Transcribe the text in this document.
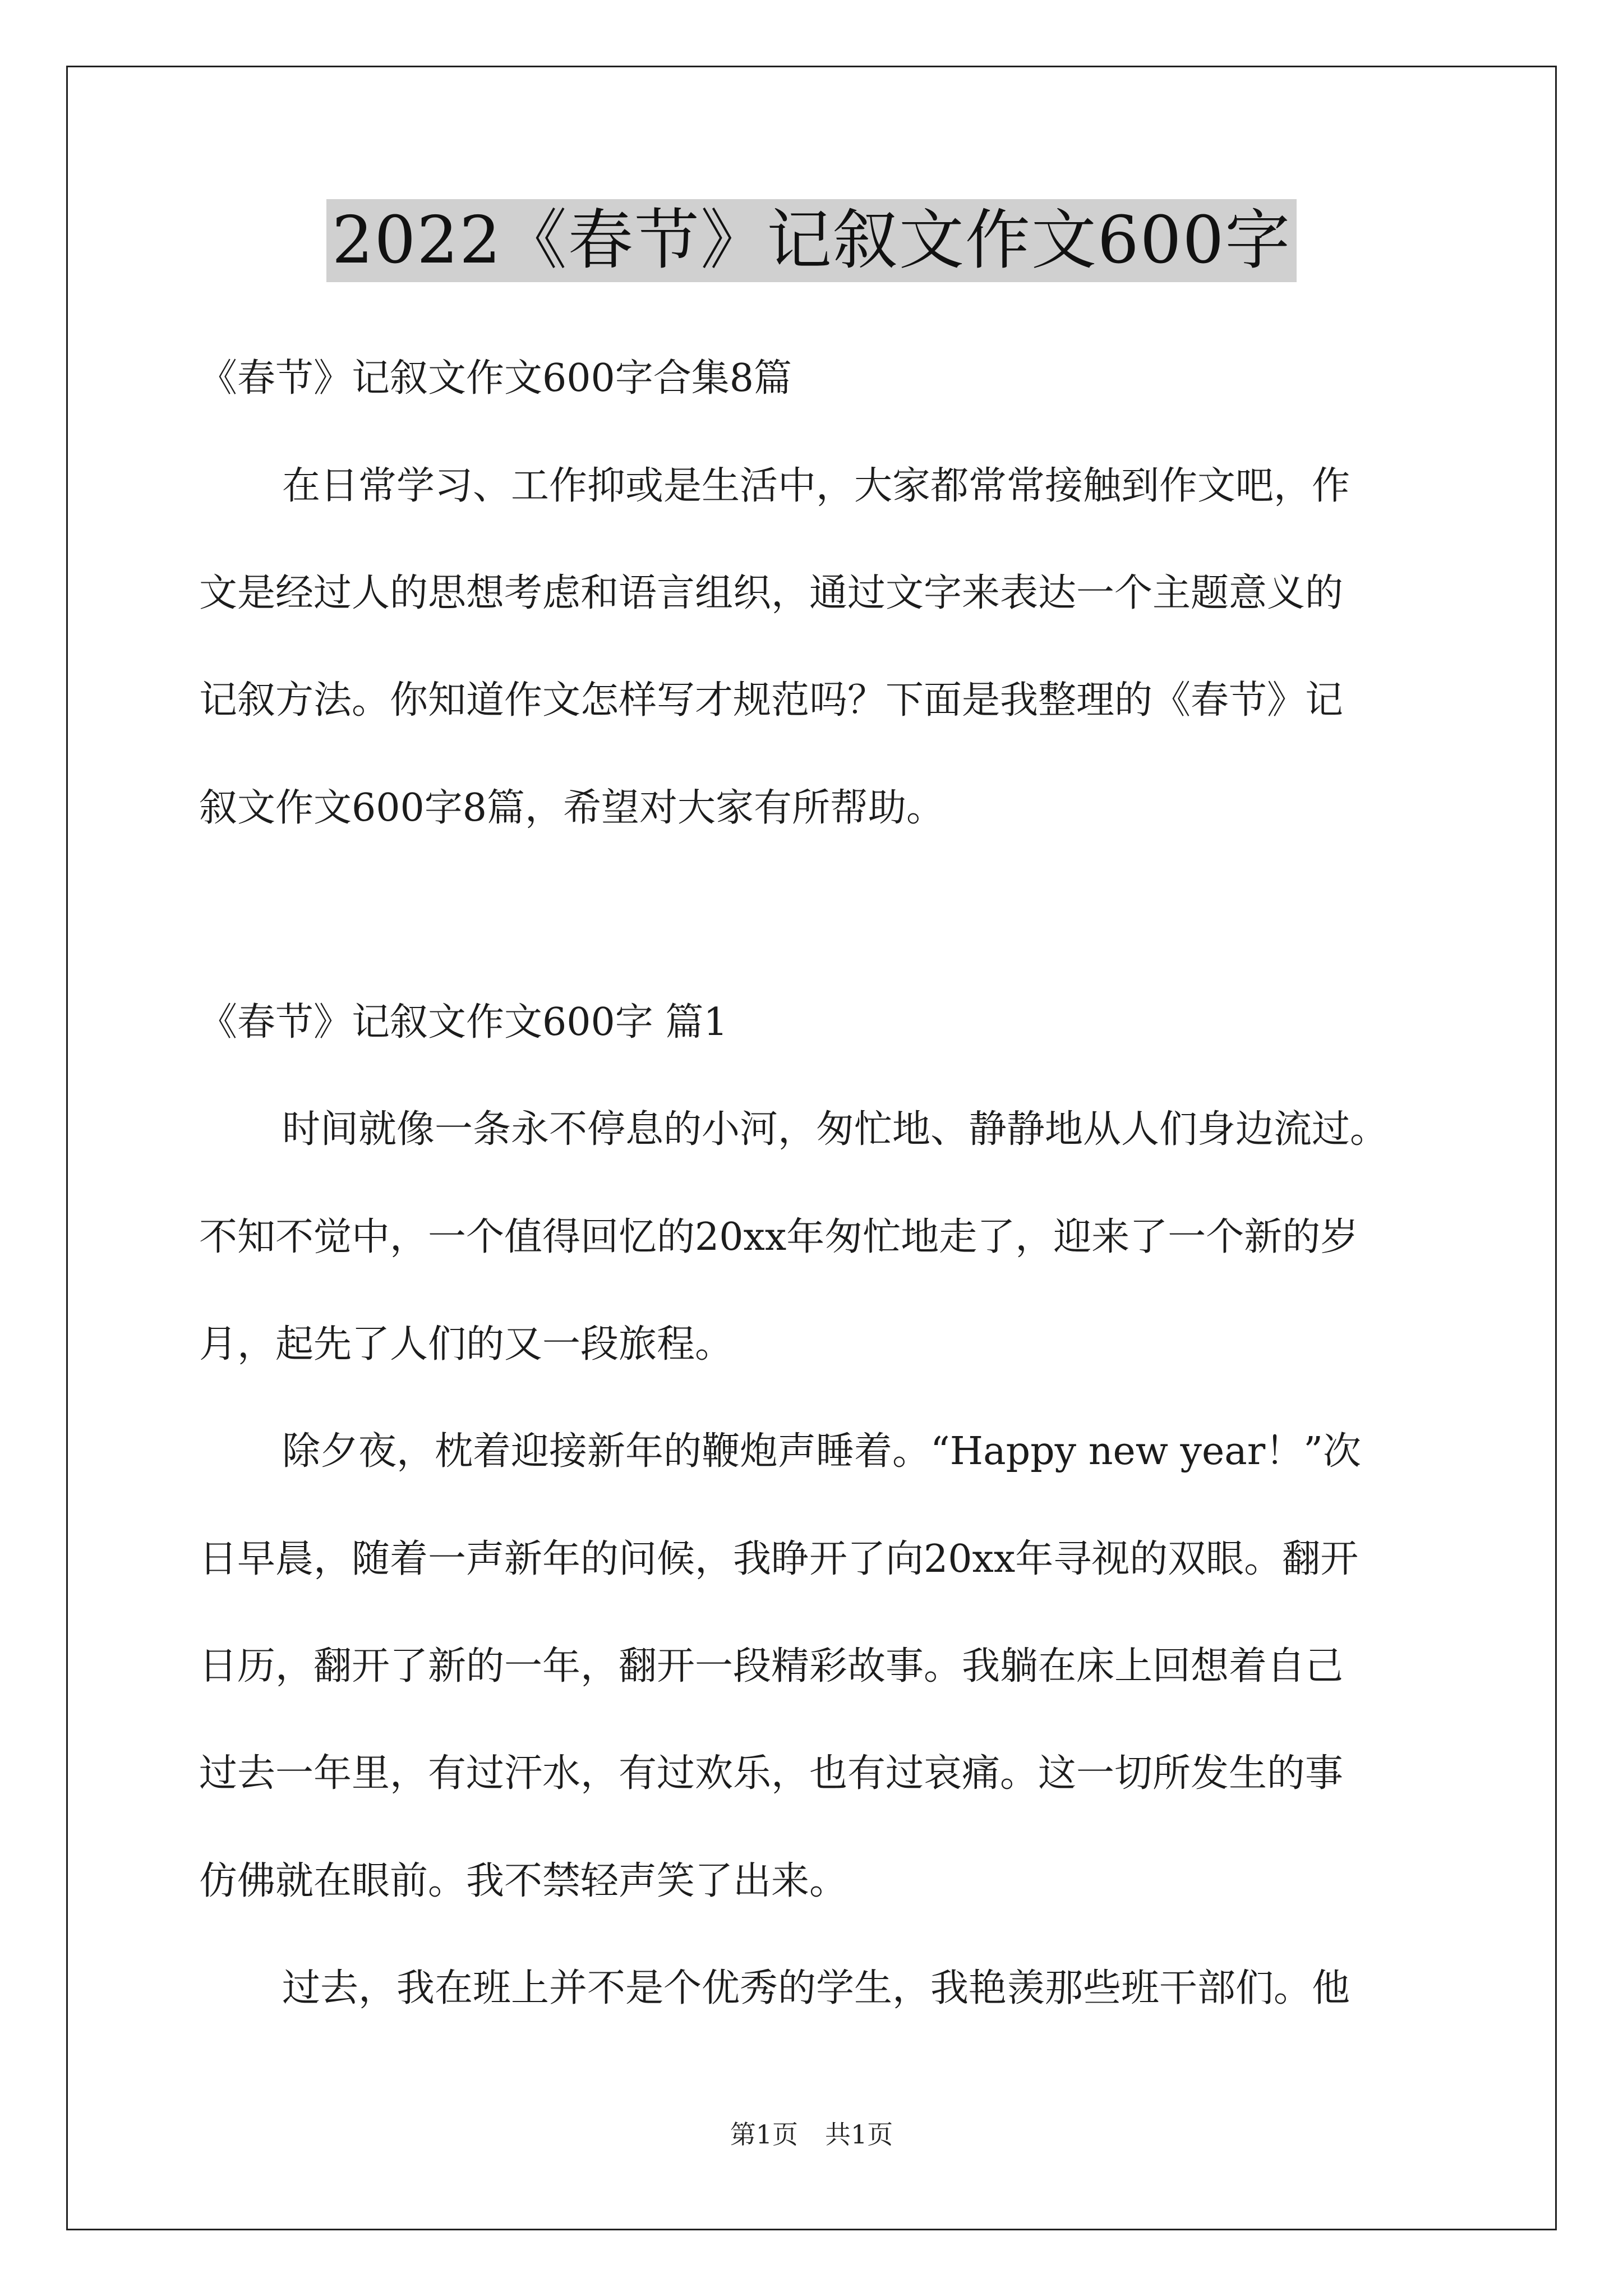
2022《春节》记叙文作文600字
《春节》记叙文作文600字合集8篇
在日常学习、工作抑或是生活中，大家都常常接触到作文吧，作
文是经过人的思想考虑和语言组织，通过文字来表达一个主题意义的
记叙方法。你知道作文怎样写才规范吗？下面是我整理的《春节》记
叙文作文600字8篇，希望对大家有所帮助。
《春节》记叙文作文600字 篇1
时间就像一条永不停息的小河，匆忙地、静静地从人们身边流过。
不知不觉中，一个值得回忆的20xx年匆忙地走了，迎来了一个新的岁
月，起先了人们的又一段旅程。
除夕夜，枕着迎接新年的鞭炮声睡着。“Happy new year！”次
日早晨，随着一声新年的问候，我睁开了向20xx年寻视的双眼。翻开
日历，翻开了新的一年，翻开一段精彩故事。我躺在床上回想着自己
过去一年里，有过汗水，有过欢乐，也有过哀痛。这一切所发生的事
仿佛就在眼前。我不禁轻声笑了出来。
过去，我在班上并不是个优秀的学生，我艳羡那些班干部们。他
第1页 共1页
